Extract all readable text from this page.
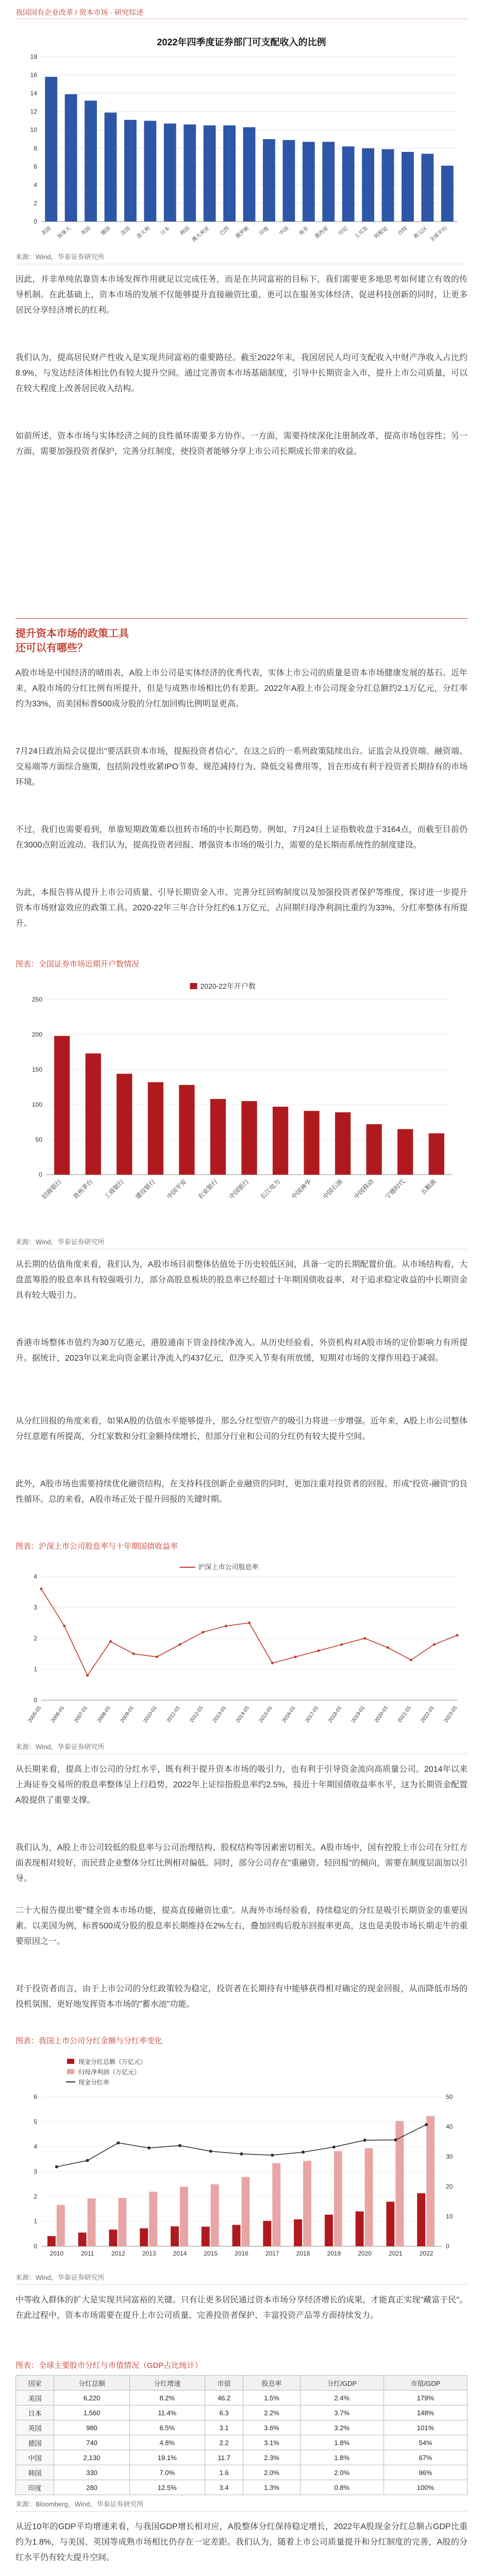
我国国有企业改革 / 资本市场 · 研究综述
2022年四季度证券部门可支配收入的比例
0
2
4
6
8
10
12
14
16
18
美国 加拿大 英国 德国 法国 意大利 日本 韩国 澳大利亚 巴西 俄罗斯 印度 中国 南非 墨西哥 印尼 土耳其 阿根廷 沙特 欧元区 全球平均
来源：Wind，华泰证券研究所
因此，并非单纯依靠资本市场发挥作用就足以完成任务，而是在共同富裕的目标下，我们需要更多地思考如何建立有效的传导机制。在此基础上，资本市场的发展不仅能够提升直接融资比重，更可以在服务实体经济、促进科技创新的同时，让更多居民分享经济增长的红利。
我们认为，提高居民财产性收入是实现共同富裕的重要路径。截至2022年末，我国居民人均可支配收入中财产净收入占比约8.9%，与发达经济体相比仍有较大提升空间。通过完善资本市场基础制度，引导中长期资金入市，提升上市公司质量，可以在较大程度上改善居民收入结构。
如前所述，资本市场与实体经济之间的良性循环需要多方协作。一方面，需要持续深化注册制改革，提高市场包容性；另一方面，需要加强投资者保护，完善分红制度，使投资者能够分享上市公司长期成长带来的收益。
提升资本市场的政策工具
还可以有哪些？
A股市场是中国经济的晴雨表，A股上市公司是实体经济的优秀代表，实体上市公司的质量是资本市场健康发展的基石。近年来，A股市场的分红比例有所提升，但是与成熟市场相比仍有差距。2022年A股上市公司现金分红总额约2.1万亿元，分红率约为33%，而美国标普500成分股的分红加回购比例明显更高。
7月24日政治局会议提出"要活跃资本市场，提振投资者信心"，在这之后的一系列政策陆续出台。证监会从投资端、融资端、交易端等方面综合施策，包括阶段性收紧IPO节奏、规范减持行为、降低交易费用等，旨在形成有利于投资者长期持有的市场环境。
不过，我们也需要看到，单靠短期政策难以扭转市场的中长期趋势。例如，7月24日上证指数收盘于3164点，而截至目前仍在3000点附近波动。我们认为，提高投资者回报、增强资本市场的吸引力，需要的是长期而系统性的制度建设。
为此，本报告将从提升上市公司质量、引导长期资金入市、完善分红回购制度以及加强投资者保护等维度，探讨进一步提升资本市场财富效应的政策工具。2020-22年三年合计分红约6.1万亿元，占同期归母净利润比重约为33%，分红率整体有所提升。
图表：全国证券市场近期开户数情况
2020-22年开户数
0
50
100
150
200
250
招商银行 贵州茅台 工商银行 建设银行 中国平安 农业银行 中国银行 长江电力 中国神华 中国石油 中国移动 宁德时代 五粮液
来源：Wind，华泰证券研究所
从长期的估值角度来看，我们认为，A股市场目前整体估值处于历史较低区间，具备一定的长期配置价值。从市场结构看，大盘蓝筹股的股息率具有较强吸引力，部分高股息板块的股息率已经超过十年期国债收益率，对于追求稳定收益的中长期资金具有较大吸引力。
香港市场整体市值约为30万亿港元，港股通南下资金持续净流入。从历史经验看，外资机构对A股市场的定价影响力有所提升。据统计，2023年以来北向资金累计净流入约437亿元，但净买入节奏有所放缓，短期对市场的支撑作用趋于减弱。
从分红回报的角度来看，如果A股的估值水平能够提升，那么分红型资产的吸引力将进一步增强。近年来，A股上市公司整体分红意愿有所提高，分红家数和分红金额持续增长，但部分行业和公司的分红仍有较大提升空间。
此外，A股市场也需要持续优化融资结构，在支持科技创新企业融资的同时，更加注重对投资者的回报，形成"投资-融资"的良性循环。总的来看，A股市场正处于提升回报的关键时期。
图表：沪深上市公司股息率与十年期国债收益率
沪深上市公司股息率
0
1
2
3
4
2005-01 2006-01 2007-01 2008-01 2009-01 2010-01 2011-01 2012-01 2013-01 2014-01 2015-01 2016-01 2017-01 2018-01 2019-01 2020-01 2021-01 2022-01 2023-01
来源：Wind，华泰证券研究所
从长期来看，提高上市公司的分红水平，既有利于提升资本市场的吸引力，也有利于引导资金流向高质量公司。2014年以来上海证券交易所的股息率整体呈上行趋势，2022年上证综指股息率约2.5%，接近十年期国债收益率水平，这为长期资金配置A股提供了重要支撑。
我们认为，A股上市公司较低的股息率与公司治理结构、股权结构等因素密切相关。A股市场中，国有控股上市公司在分红方面表现相对较好，而民营企业整体分红比例相对偏低。同时，部分公司存在"重融资、轻回报"的倾向，需要在制度层面加以引导。
二十大报告提出要"健全资本市场功能，提高直接融资比重"。从海外市场经验看，持续稳定的分红是吸引长期资金的重要因素。以美国为例，标普500成分股的股息率长期维持在2%左右，叠加回购后股东回报率更高，这也是美股市场长期走牛的重要原因之一。
对于投资者而言，由于上市公司的分红政策较为稳定，投资者在长期持有中能够获得相对确定的现金回报，从而降低市场的投机氛围，更好地发挥资本市场的"蓄水池"功能。
图表：我国上市公司分红金额与分红率变化
现金分红总额（万亿元）
归母净利润（万亿元）
现金分红率
0
1
2
3
4
5
6
0
10
20
30
40
50
2010	2011	2012	2013	2014	2015	2016	2017	2018	2019	2020	2021	2022
来源：Wind，华泰证券研究所
中等收入群体的扩大是实现共同富裕的关键。只有让更多居民通过资本市场分享经济增长的成果，才能真正实现"藏富于民"。在此过程中，资本市场需要在提升上市公司质量、完善投资者保护、丰富投资产品等方面持续发力。
图表：全球主要股市分红与市值情况（GDP占比统计）
国家	分红总额	分红增速	市值	股息率	分红/GDP	市值/GDP
美国	6,220	8.2%	46.2	1.5%	2.4%	179%
日本	1,560	11.4%	6.3	2.2%	3.7%	148%
英国	980	6.5%	3.1	3.6%	3.2%	101%
德国	740	4.8%	2.2	3.1%	1.8%	54%
中国	2,130	19.1%	11.7	2.3%	1.8%	67%
韩国	330	7.0%	1.6	2.0%	2.0%	96%
印度	280	12.5%	3.4	1.3%	0.8%	100%
来源：Bloomberg，Wind，华泰证券研究所
从近10年的GDP平均增速来看，与我国GDP增长相对应，A股整体分红保持稳定增长，2022年A股现金分红总额占GDP比重约为1.8%，与美国、英国等成熟市场相比仍存在一定差距。我们认为，随着上市公司质量提升和分红制度的完善，A股的分红水平仍有较大提升空间。
